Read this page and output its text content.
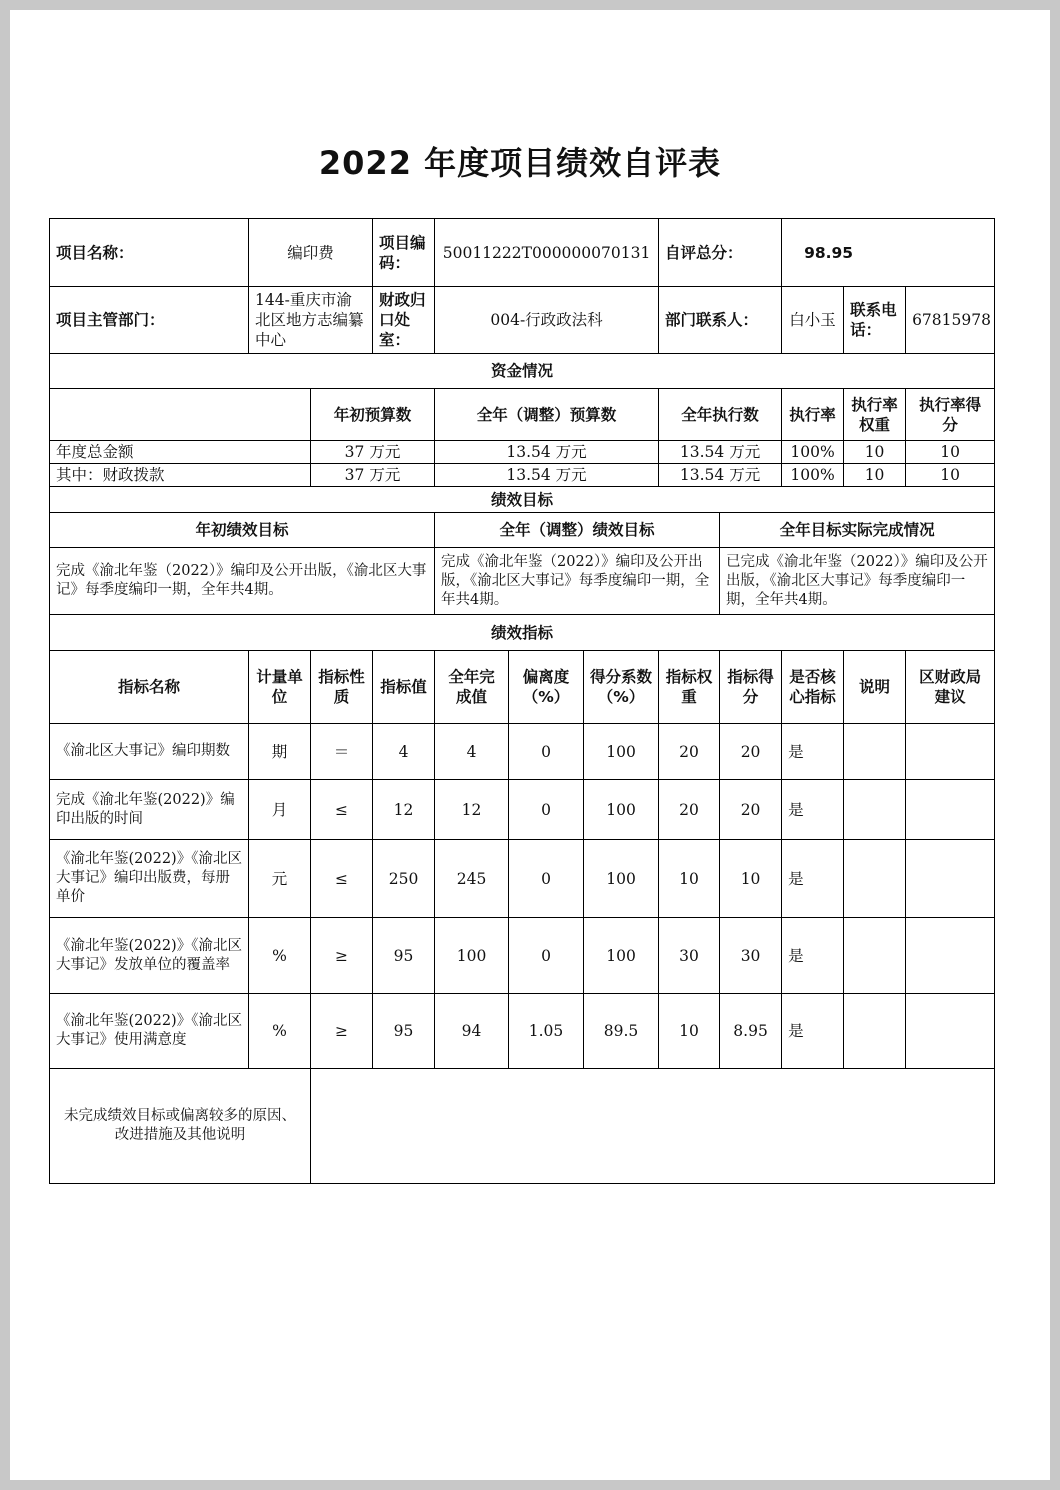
2022 年度项目绩效自评表
项目名称：	编印费		项目编码：	50011222T000000070131			自评总分：		98.95		
项目主管部门：	144-重庆市渝北区地方志编纂中心		财政归口处室：	004-行政政法科			部门联系人：		白小玉	联系电话：	67815978
资金情况											
		年初预算数		全年（调整）预算数			全年执行数		执行率	执行率权重	执行率得分
年度总金额		37 万元		13.54 万元			13.54 万元		100%	10	10
其中：财政拨款		37 万元		13.54 万元			13.54 万元		100%	10	10
绩效目标											
年初绩效目标				全年（调整）绩效目标				全年目标实际完成情况			
完成《渝北年鉴（2022）》编印及公开出版，《渝北区大事记》每季度编印一期，全年共4期。				完成《渝北年鉴（2022）》编印及公开出版，《渝北区大事记》每季度编印一期，全年共4期。				已完成《渝北年鉴（2022）》编印及公开出版，《渝北区大事记》每季度编印一期，全年共4期。			
绩效指标											
指标名称	计量单位	指标性质	指标值	全年完成值	偏离度（%）	得分系数（%）	指标权重	指标得分	是否核心指标	说明	区财政局建议
《渝北区大事记》编印期数	期	＝	4	4	0	100	20	20	是		
完成《渝北年鉴(2022)》编印出版的时间	月	≤	12	12	0	100	20	20	是		
《渝北年鉴(2022)》《渝北区大事记》编印出版费，每册单价	元	≤	250	245	0	100	10	10	是		
《渝北年鉴(2022)》《渝北区大事记》发放单位的覆盖率	%	≥	95	100	0	100	30	30	是		
《渝北年鉴(2022)》《渝北区大事记》使用满意度	%	≥	95	94	1.05	89.5	10	8.95	是		
未完成绩效目标或偏离较多的原因、改进措施及其他说明											
